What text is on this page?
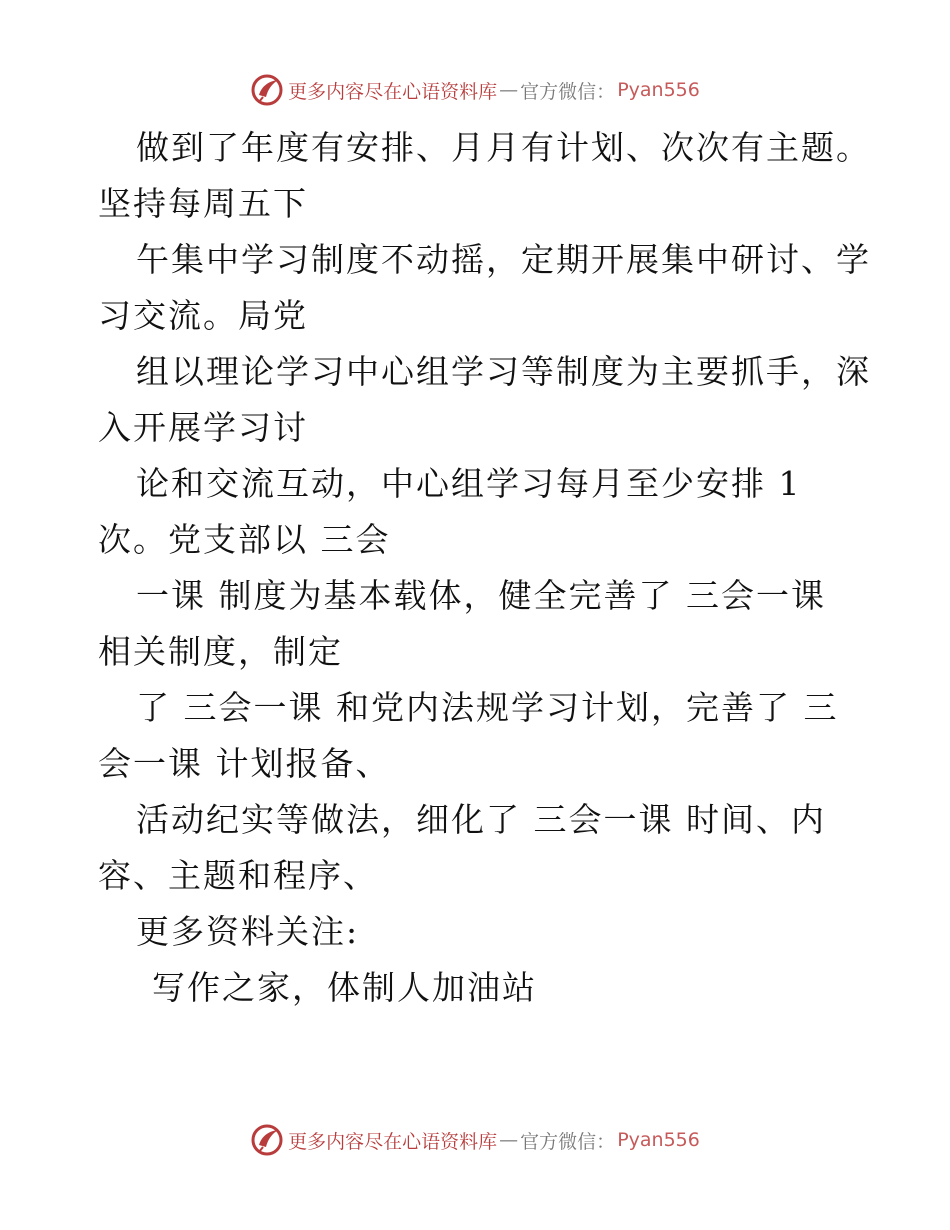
更多内容尽在心语资料库 — 官方微信： Pyan556
做到了年度有安排、月月有计划、次次有主题。
坚持每周五下
午集中学习制度不动摇，定期开展集中研讨、学
习交流。局党
组以理论学习中心组学习等制度为主要抓手，深
入开展学习讨
论和交流互动，中心组学习每月至少安排 1
次。党支部以 三会
一课 制度为基本载体，健全完善了 三会一课
相关制度，制定
了 三会一课 和党内法规学习计划，完善了 三
会一课 计划报备、
活动纪实等做法，细化了 三会一课 时间、内
容、主题和程序、
更多资料关注:
写作之家，体制人加油站
更多内容尽在心语资料库 — 官方微信： Pyan556
